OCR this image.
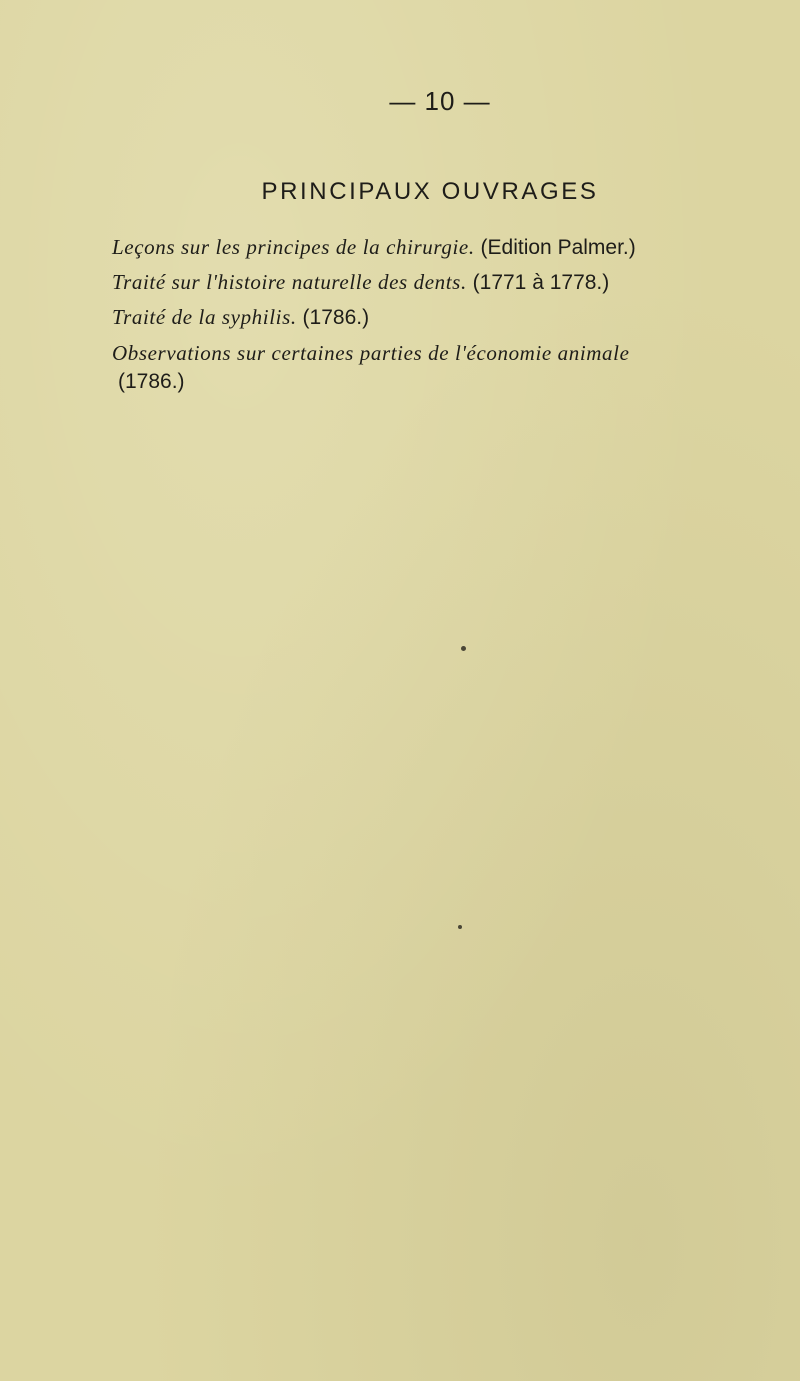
— 10 —
PRINCIPAUX OUVRAGES
Leçons sur les principes de la chirurgie. (Edition Palmer.)
Traité sur l'histoire naturelle des dents. (1771 à 1778.)
Traité de la syphilis. (1786.)
Observations sur certaines parties de l'économie animale
(1786.)
